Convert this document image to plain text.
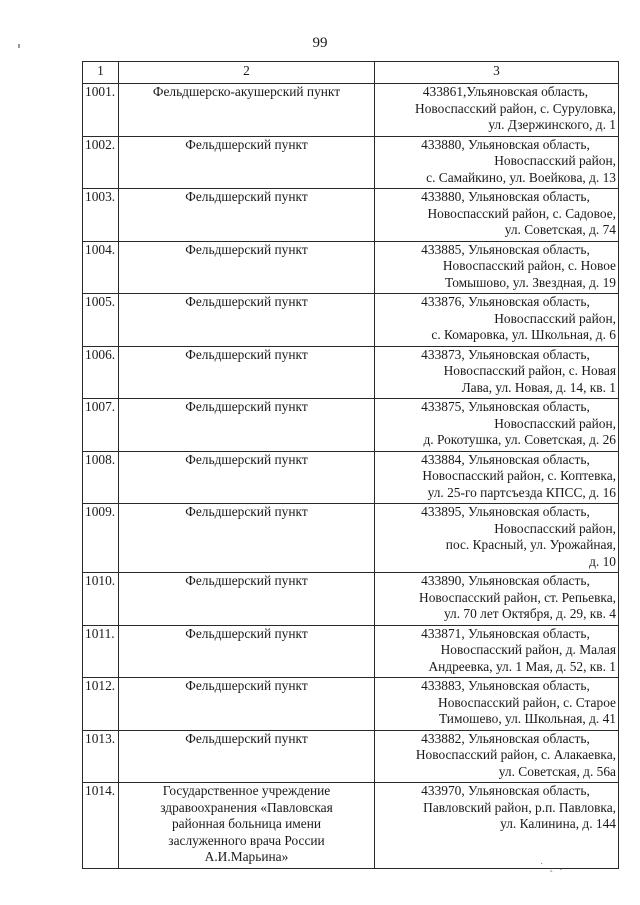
99
1	2	3
1001.	Фельдшерско-акушерский пункт	433861,Ульяновская область,
Новоспасский район, с. Суруловка,
ул. Дзержинского, д. 1

1002.	Фельдшерский пункт	433880, Ульяновская область,
Новоспасский район,
с. Самайкино, ул. Воейкова, д. 13

1003.	Фельдшерский пункт	433880, Ульяновская область,
Новоспасский район, с. Садовое,
ул. Советская, д. 74

1004.	Фельдшерский пункт	433885, Ульяновская область,
Новоспасский район, с. Новое
Томышово, ул. Звездная, д. 19

1005.	Фельдшерский пункт	433876, Ульяновская область,
Новоспасский район,
с. Комаровка, ул. Школьная, д. 6

1006.	Фельдшерский пункт	433873, Ульяновская область,
Новоспасский район, с. Новая
Лава, ул. Новая, д. 14, кв. 1

1007.	Фельдшерский пункт	433875, Ульяновская область,
Новоспасский район,
д. Рокотушка, ул. Советская, д. 26

1008.	Фельдшерский пункт	433884, Ульяновская область,
Новоспасский район, с. Коптевка,
ул. 25-го партсъезда КПСС, д. 16

1009.	Фельдшерский пункт	433895, Ульяновская область,
Новоспасский район,
пос. Красный, ул. Урожайная,
д. 10

1010.	Фельдшерский пункт	433890, Ульяновская область,
Новоспасский район, ст. Репьевка,
ул. 70 лет Октября, д. 29, кв. 4

1011.	Фельдшерский пункт	433871, Ульяновская область,
Новоспасский район, д. Малая
Андреевка, ул. 1 Мая, д. 52, кв. 1

1012.	Фельдшерский пункт	433883, Ульяновская область,
Новоспасский район, с. Старое
Тимошево, ул. Школьная, д. 41

1013.	Фельдшерский пункт	433882, Ульяновская область,
Новоспасский район, с. Алакаевка,
ул. Советская, д. 56а

1014.	Государственное учреждение
здравоохранения «Павловская
районная больница имени
заслуженного врача России
А.И.Марьина»	433970, Ульяновская область,
Павловский район, р.п. Павловка,
ул. Калинина, д. 144
˙ ˛ .
